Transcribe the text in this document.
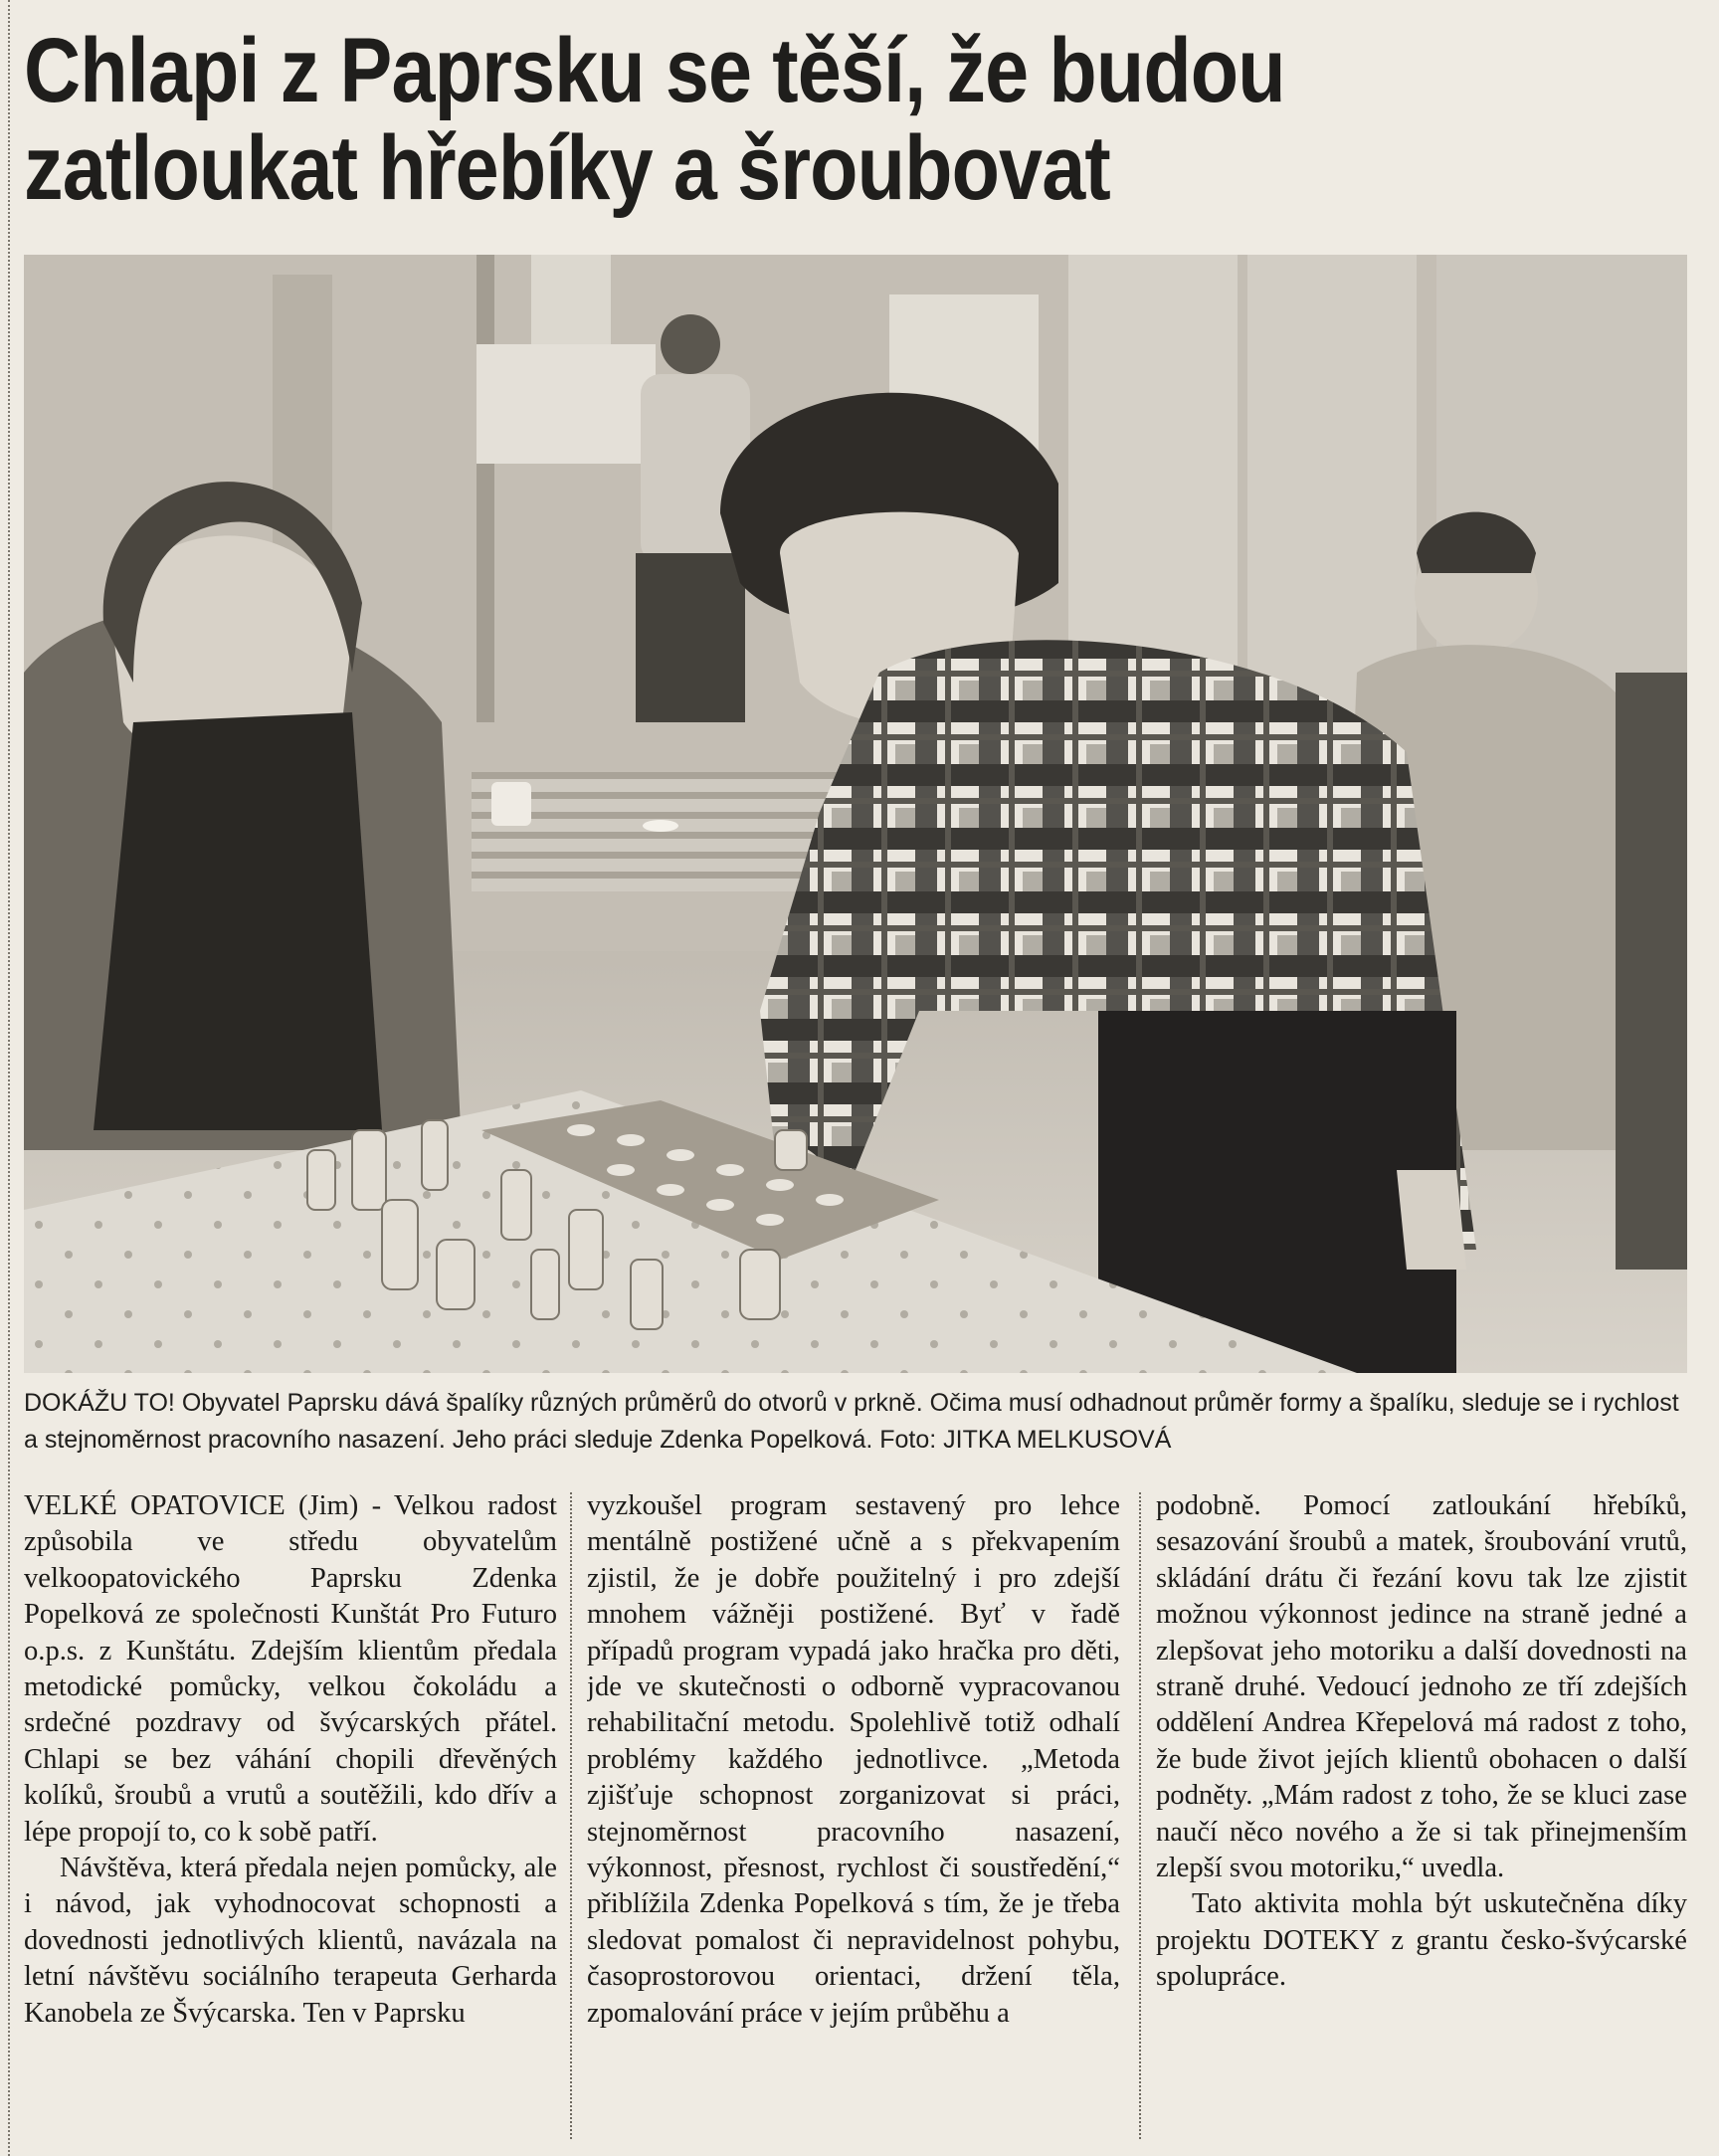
Chlapi z Paprsku se těší, že budou
zatloukat hřebíky a šroubovat
DOKÁŽU TO! Obyvatel Paprsku dává špalíky různých průměrů do otvorů v prkně. Očima musí odhadnout průměr formy a špalíku, sleduje se i rychlost a stejnoměrnost pracovního nasazení. Jeho práci sleduje Zdenka Popelková. Foto: JITKA MELKUSOVÁ

VELKÉ OPATOVICE (Jim) - Velkou radost způsobila ve středu obyvatelům velkoopatovického Paprsku Zdenka Popelková ze společnosti Kunštát Pro Futuro o.p.s. z Kunštátu. Zdejším klientům předala metodické pomůcky, velkou čokoládu a srdečné pozdravy od švýcarských přátel. Chlapi se bez váhání chopili dřevěných kolíků, šroubů a vrutů a soutěžili, kdo dřív a lépe propojí to, co k sobě patří.

Návštěva, která předala nejen pomůcky, ale i návod, jak vyhodnocovat schopnosti a dovednosti jednotlivých klientů, navázala na letní návštěvu sociálního terapeuta Gerharda Kanobela ze Švýcarska. Ten v Paprsku

vyzkoušel program sestavený pro lehce mentálně postižené učně a s překvapením zjistil, že je dobře použitelný i pro zdejší mnohem vážněji postižené. Byť v řadě případů program vypadá jako hračka pro děti, jde ve skutečnosti o odborně vypracovanou rehabilitační metodu. Spolehlivě totiž odhalí problémy každého jednotlivce. „Metoda zjišťuje schopnost zorganizovat si práci, stejnoměrnost pracovního nasazení, výkonnost, přesnost, rychlost či soustředění,“ přiblížila Zdenka Popelková s tím, že je třeba sledovat pomalost či nepravidelnost pohybu, časoprostorovou orientaci, držení těla, zpomalování práce v jejím průběhu a

podobně. Pomocí zatloukání hřebíků, sesazování šroubů a matek, šroubování vrutů, skládání drátu či řezání kovu tak lze zjistit možnou výkonnost jedince na straně jedné a zlepšovat jeho motoriku a další dovednosti na straně druhé. Vedoucí jednoho ze tří zdejších oddělení Andrea Křepelová má radost z toho, že bude život jejích klientů obohacen o další podněty. „Mám radost z toho, že se kluci zase naučí něco nového a že si tak přinejmenším zlepší svou motoriku,“ uvedla.

Tato aktivita mohla být uskutečněna díky projektu DOTEKY z grantu česko-švýcarské spolupráce.
